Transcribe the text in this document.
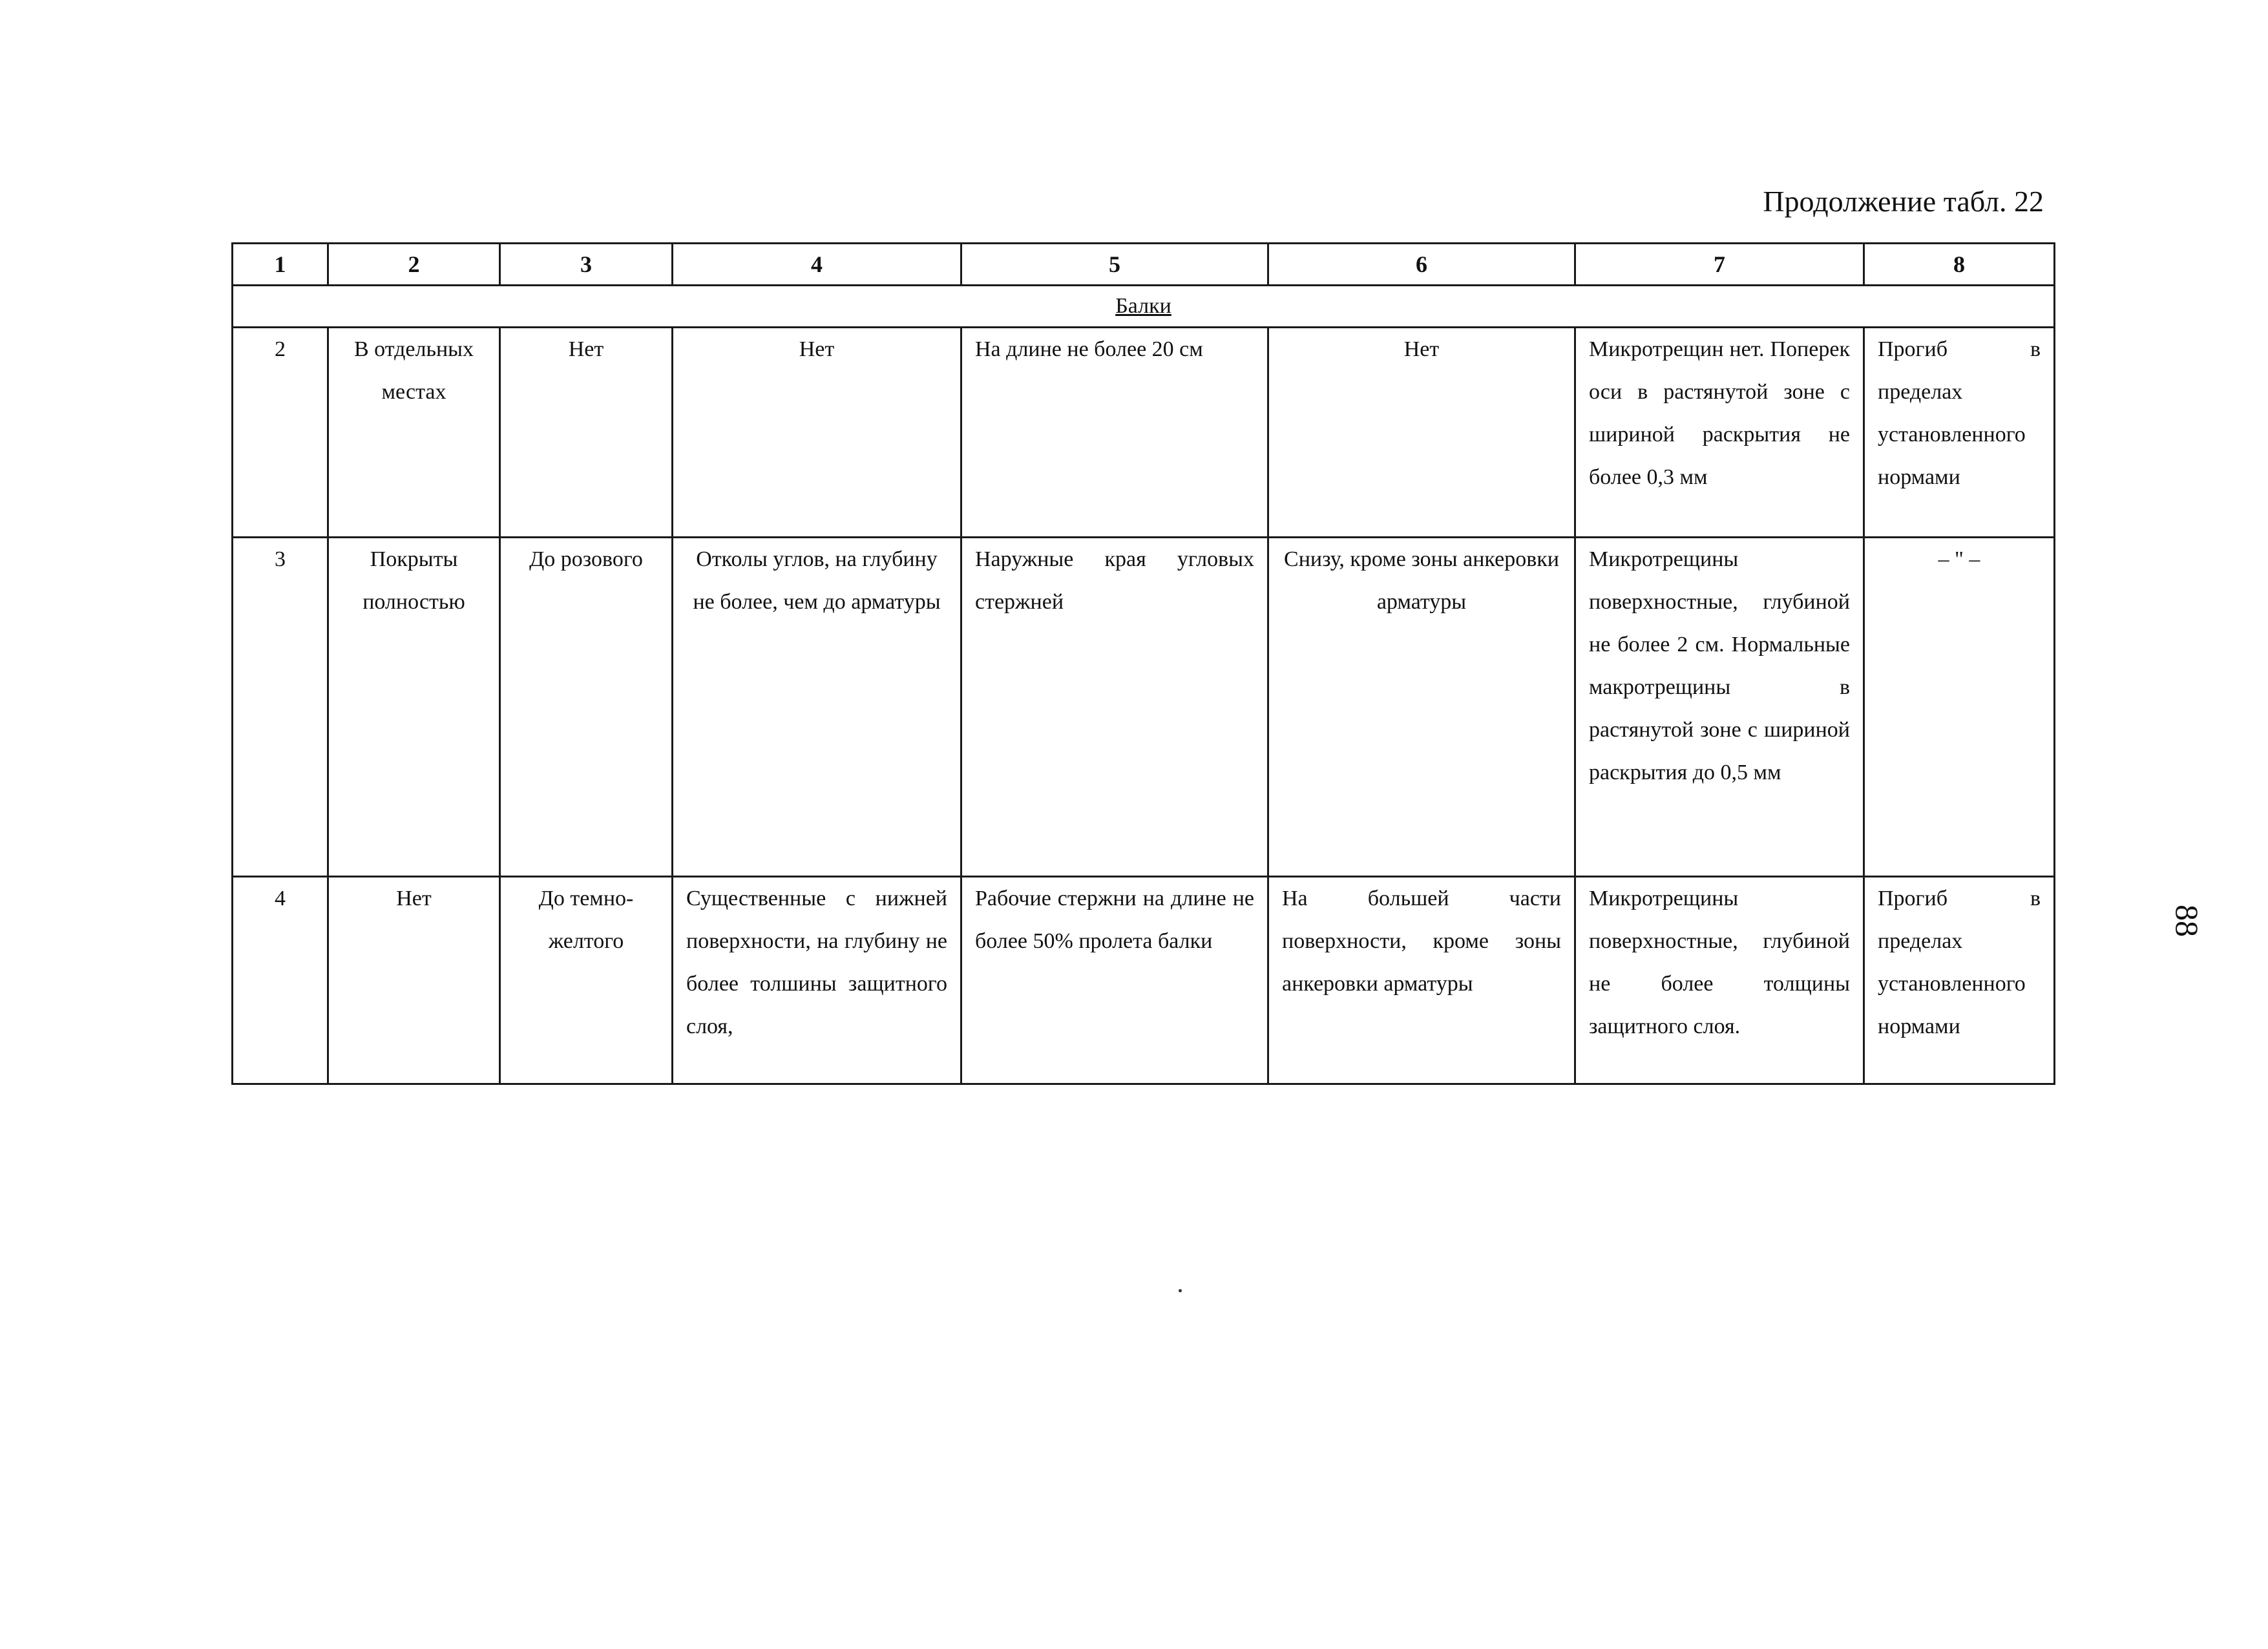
Продолжение табл. 22
1	2	3	4	5	6	7	8
Балки							
2	В отдельных местах	Нет	Нет	На длине не более 20 см	Нет	Микротрещин нет. Поперек оси в растянутой зоне с шириной раскрытия не более 0,3 мм	Прогиб в пределах установленного нормами
3	Покрыты полностью	До розового	Отколы углов, на глубину не более, чем до арматуры	Наружные края угловых стержней	Снизу, кроме зоны анкеровки арматуры	Микротрещины поверхностные, глубиной не более 2 см. Нормальные макротрещины в растянутой зоне с шириной раскрытия до 0,5 мм	– " –
4	Нет	До темно-желтого	Существенные с нижней поверхности, на глубину не более толшины защитного слоя,	Рабочие стержни на длине не более 50% пролета балки	На большей части поверхности, кроме зоны анкеровки арматуры	Микротрещины поверхностные, глубиной не более толщины защитного слоя.	Прогиб в пределах установленного нормами
88
